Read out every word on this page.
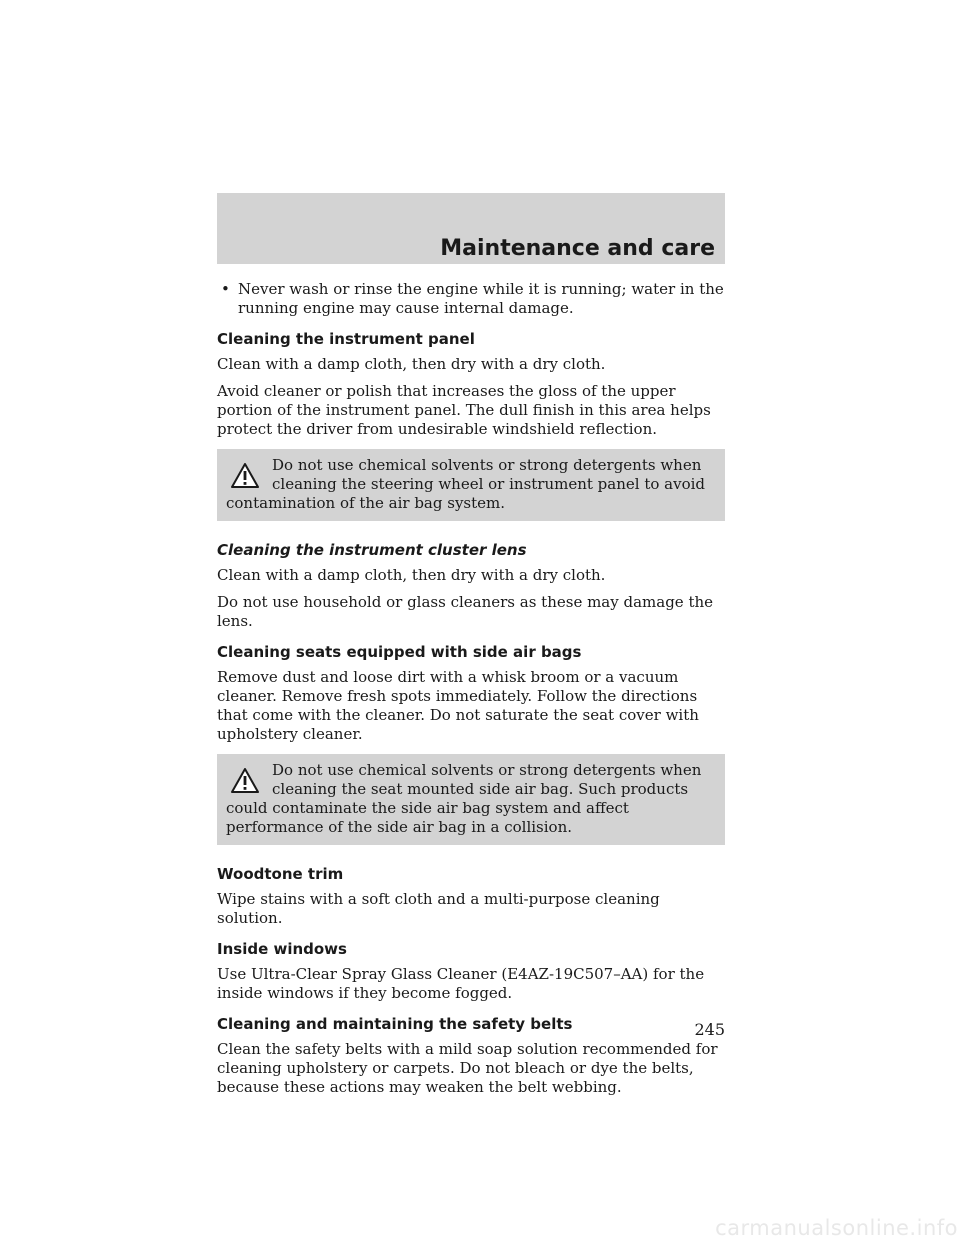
Maintenance and care
• Never wash or rinse the engine while it is running; water in the running engine may cause internal damage.

Cleaning the instrument panel

Clean with a damp cloth, then dry with a dry cloth.

Avoid cleaner or polish that increases the gloss of the upper portion of the instrument panel. The dull finish in this area helps protect the driver from undesirable windshield reflection.

Do not use chemical solvents or strong detergents when cleaning the steering wheel or instrument panel to avoid contamination of the air bag system.

Cleaning the instrument cluster lens

Clean with a damp cloth, then dry with a dry cloth.

Do not use household or glass cleaners as these may damage the lens.

Cleaning seats equipped with side air bags

Remove dust and loose dirt with a whisk broom or a vacuum cleaner. Remove fresh spots immediately. Follow the directions that come with the cleaner. Do not saturate the seat cover with upholstery cleaner.

Do not use chemical solvents or strong detergents when cleaning the seat mounted side air bag. Such products could contaminate the side air bag system and affect performance of the side air bag in a collision.

Woodtone trim

Wipe stains with a soft cloth and a multi-purpose cleaning solution.

Inside windows

Use Ultra-Clear Spray Glass Cleaner (E4AZ-19C507–AA) for the inside windows if they become fogged.

Cleaning and maintaining the safety belts

Clean the safety belts with a mild soap solution recommended for cleaning upholstery or carpets. Do not bleach or dye the belts, because these actions may weaken the belt webbing.

245
carmanualsonline.info
